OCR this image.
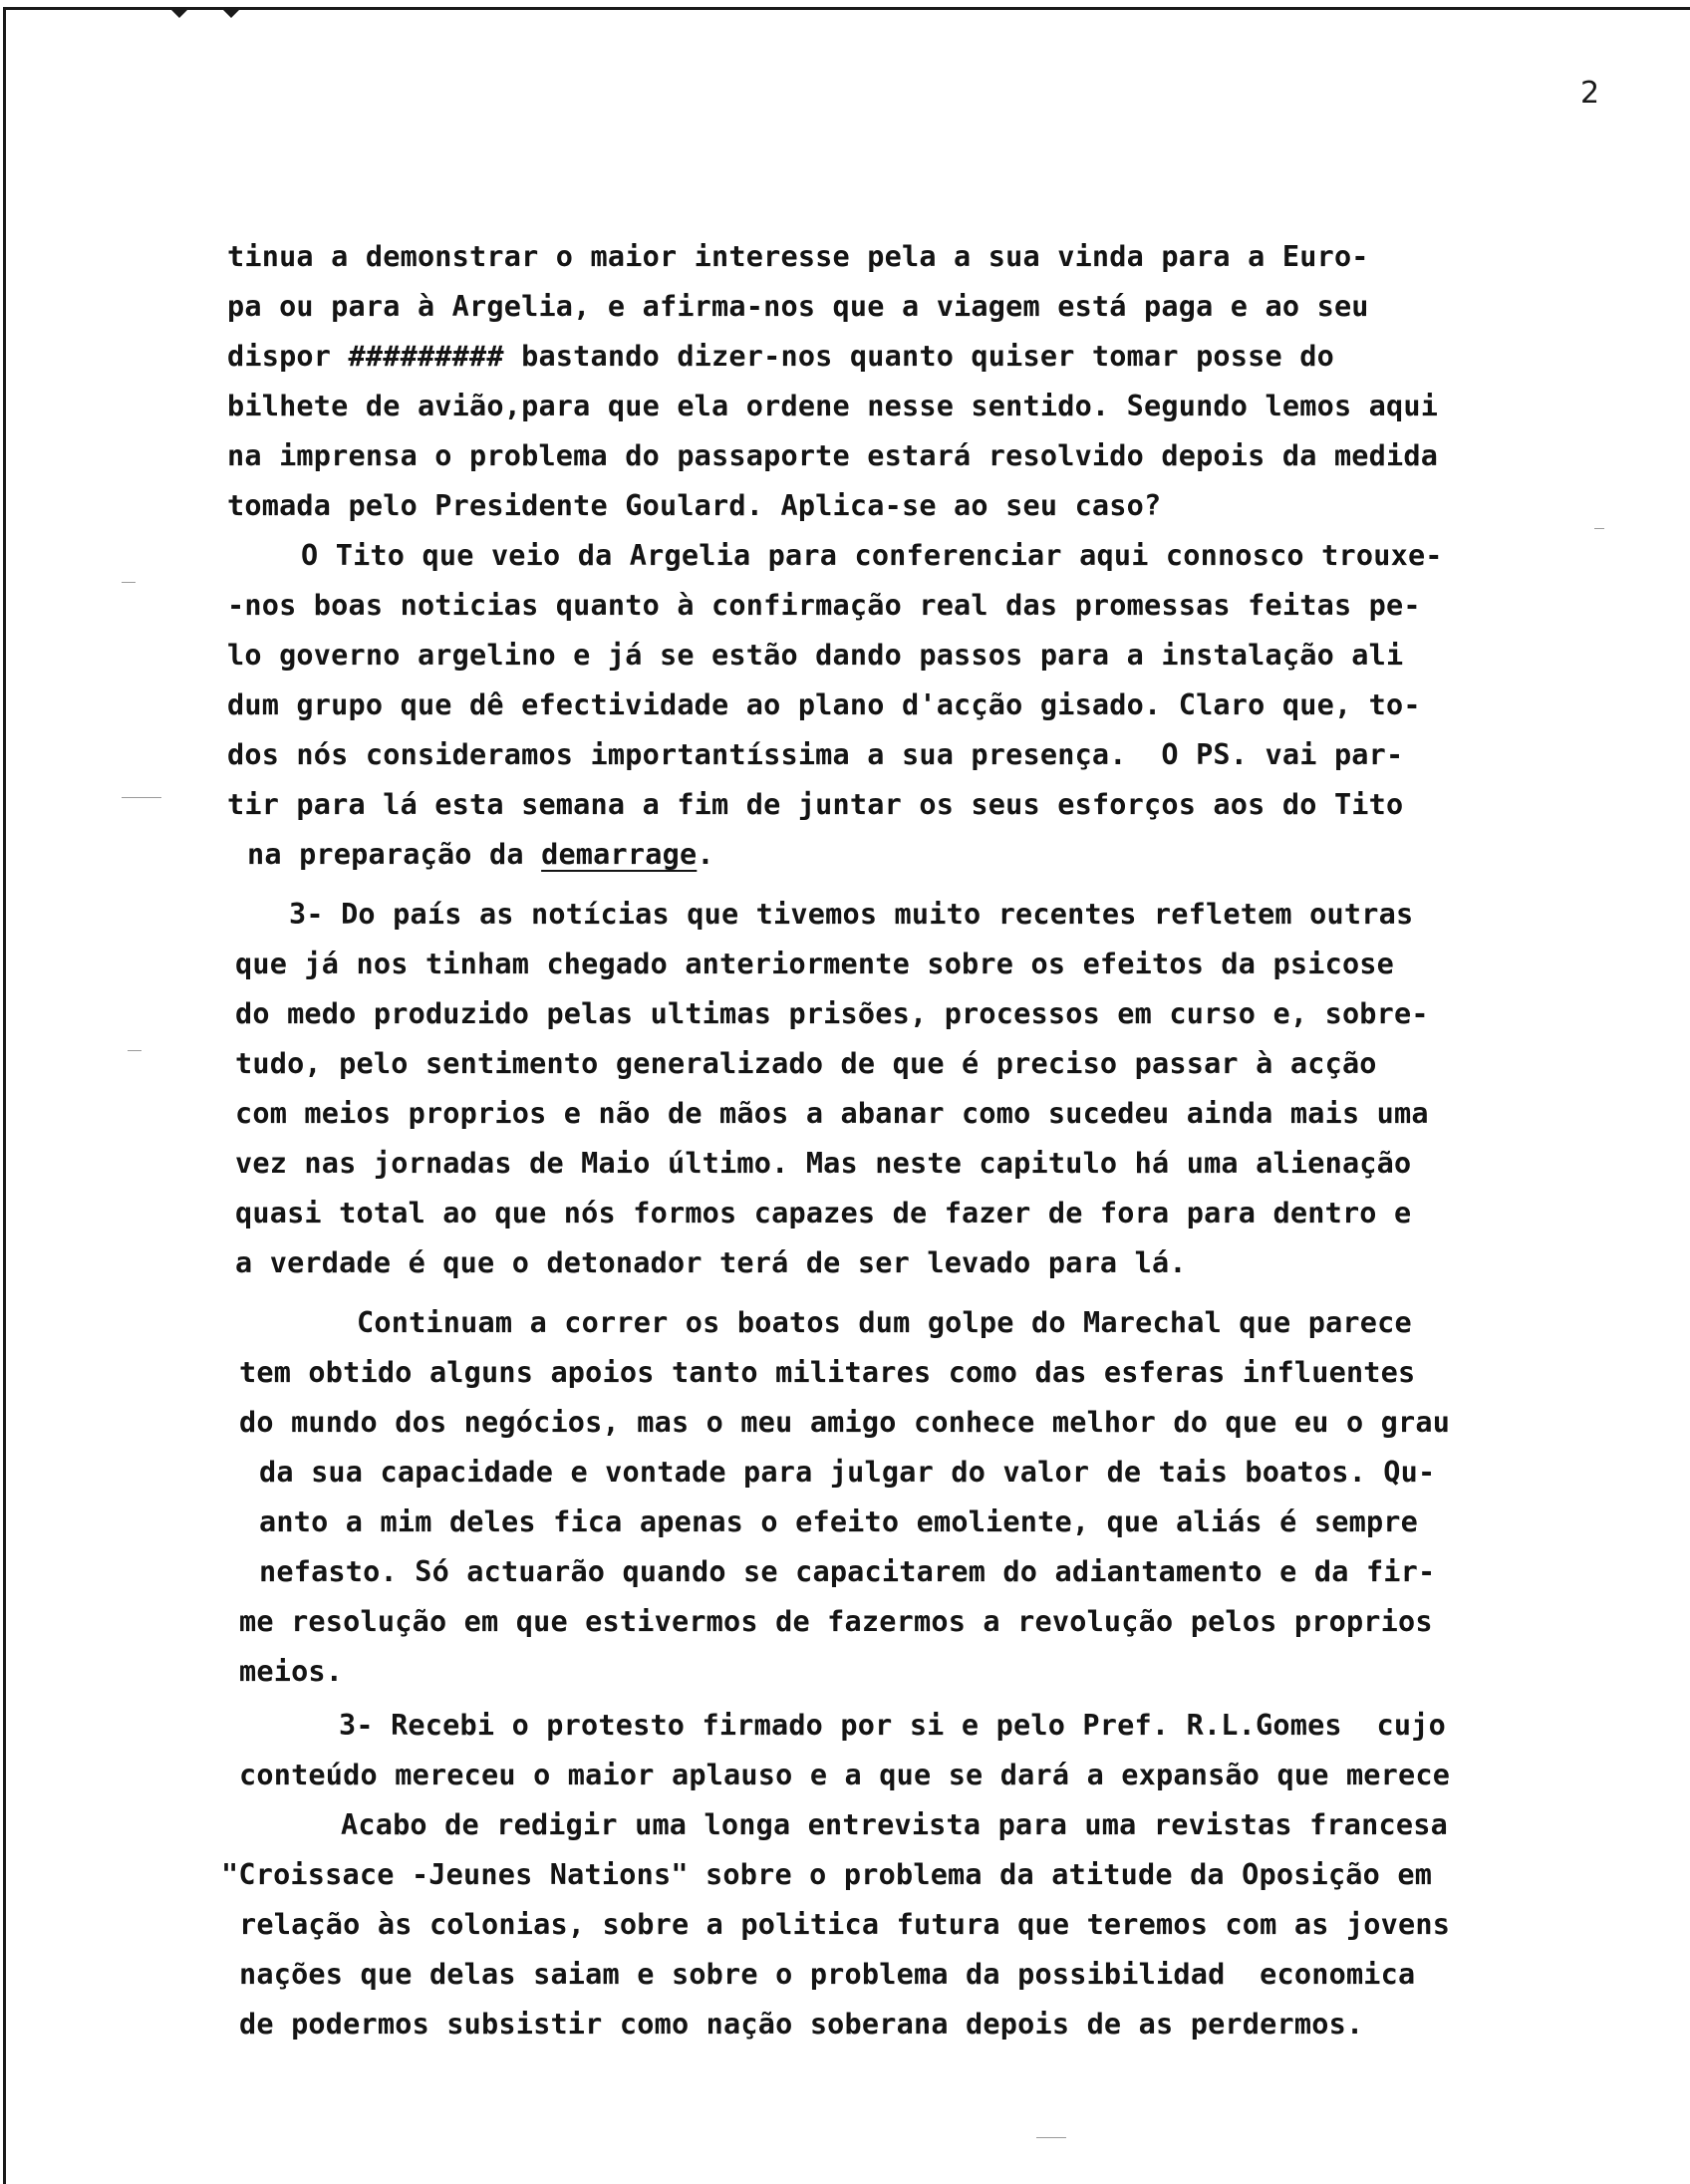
2
tinua a demonstrar o maior interesse pela a sua vinda para a Euro-
pa ou para à Argelia, e afirma-nos que a viagem está paga e ao seu
dispor ######### bastando dizer-nos quanto quiser tomar posse do
bilhete de avião,para que ela ordene nesse sentido. Segundo lemos aqui
na imprensa o problema do passaporte estará resolvido depois da medida
tomada pelo Presidente Goulard. Aplica-se ao seu caso?
O Tito que veio da Argelia para conferenciar aqui connosco trouxe-
-nos boas noticias quanto à confirmação real das promessas feitas pe-
lo governo argelino e já se estão dando passos para a instalação ali
dum grupo que dê efectividade ao plano d'acção gisado. Claro que, to-
dos nós consideramos importantíssima a sua presença.  O PS. vai par-
tir para lá esta semana a fim de juntar os seus esforços aos do Tito
na preparação da demarrage.
3- Do país as notícias que tivemos muito recentes refletem outras
que já nos tinham chegado anteriormente sobre os efeitos da psicose
do medo produzido pelas ultimas prisões, processos em curso e, sobre-
tudo, pelo sentimento generalizado de que é preciso passar à acção
com meios proprios e não de mãos a abanar como sucedeu ainda mais uma
vez nas jornadas de Maio último. Mas neste capitulo há uma alienação
quasi total ao que nós formos capazes de fazer de fora para dentro e
a verdade é que o detonador terá de ser levado para lá.
Continuam a correr os boatos dum golpe do Marechal que parece
tem obtido alguns apoios tanto militares como das esferas influentes
do mundo dos negócios, mas o meu amigo conhece melhor do que eu o grau
da sua capacidade e vontade para julgar do valor de tais boatos. Qu-
anto a mim deles fica apenas o efeito emoliente, que aliás é sempre
nefasto. Só actuarão quando se capacitarem do adiantamento e da fir-
me resolução em que estivermos de fazermos a revolução pelos proprios
meios.
3- Recebi o protesto firmado por si e pelo Pref. R.L.Gomes  cujo
conteúdo mereceu o maior aplauso e a que se dará a expansão que merece
Acabo de redigir uma longa entrevista para uma revistas francesa
"Croissace -Jeunes Nations" sobre o problema da atitude da Oposição em
relação às colonias, sobre a politica futura que teremos com as jovens
nações que delas saiam e sobre o problema da possibilidad  economica
de podermos subsistir como nação soberana depois de as perdermos.
